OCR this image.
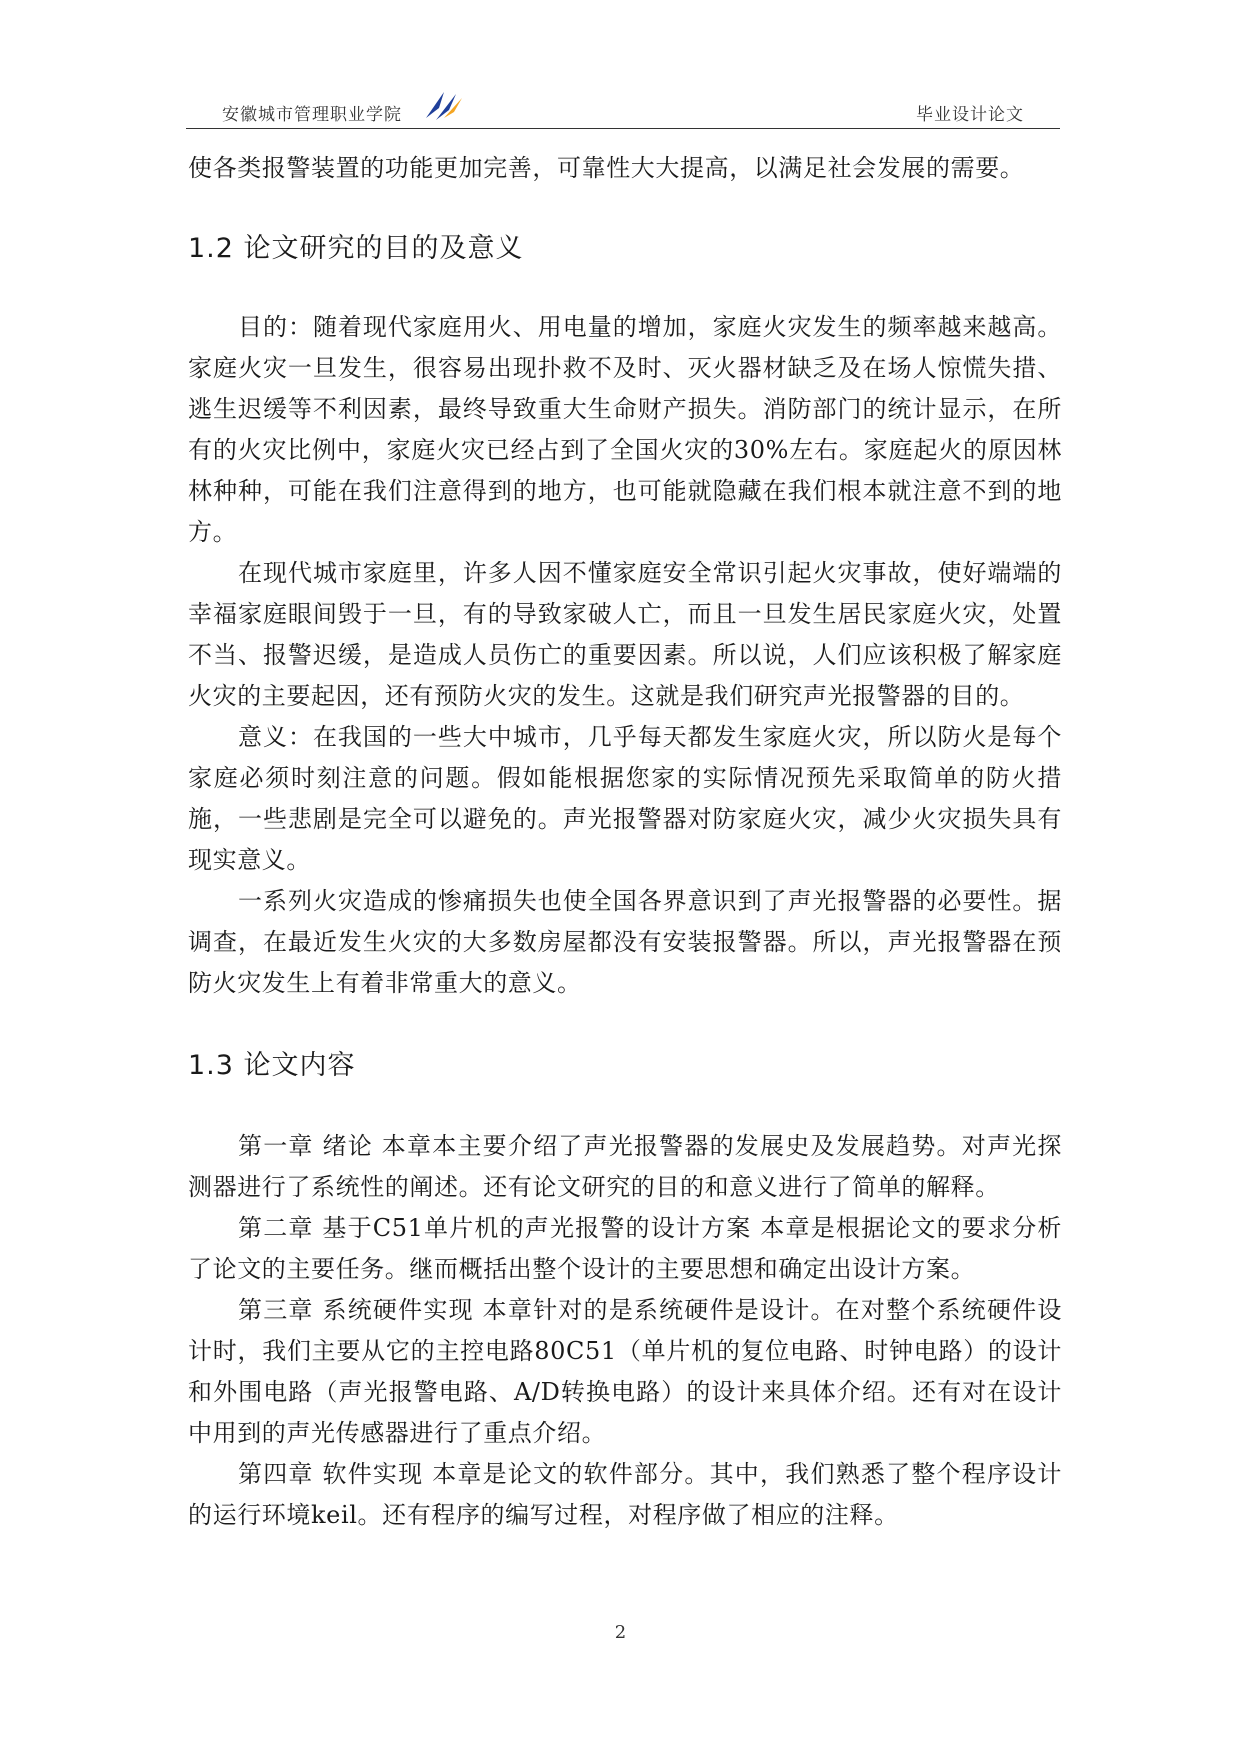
安徽城市管理职业学院	毕业设计论文

使各类报警装置的功能更加完善，可靠性大大提高，以满足社会发展的需要。

1.2 论文研究的目的及意义

目的：随着现代家庭用火、用电量的增加，家庭火灾发生的频率越来越高。家庭火灾一旦发生，很容易出现扑救不及时、灭火器材缺乏及在场人惊慌失措、逃生迟缓等不利因素，最终导致重大生命财产损失。消防部门的统计显示，在所有的火灾比例中，家庭火灾已经占到了全国火灾的30%左右。家庭起火的原因林林种种，可能在我们注意得到的地方，也可能就隐藏在我们根本就注意不到的地方。

在现代城市家庭里，许多人因不懂家庭安全常识引起火灾事故，使好端端的幸福家庭眼间毁于一旦，有的导致家破人亡，而且一旦发生居民家庭火灾，处置不当、报警迟缓，是造成人员伤亡的重要因素。所以说，人们应该积极了解家庭火灾的主要起因，还有预防火灾的发生。这就是我们研究声光报警器的目的。

意义：在我国的一些大中城市，几乎每天都发生家庭火灾，所以防火是每个家庭必须时刻注意的问题。假如能根据您家的实际情况预先采取简单的防火措施，一些悲剧是完全可以避免的。声光报警器对防家庭火灾，减少火灾损失具有现实意义。

一系列火灾造成的惨痛损失也使全国各界意识到了声光报警器的必要性。据调查，在最近发生火灾的大多数房屋都没有安装报警器。所以，声光报警器在预防火灾发生上有着非常重大的意义。

1.3 论文内容

第一章 绪论 本章本主要介绍了声光报警器的发展史及发展趋势。对声光探测器进行了系统性的阐述。还有论文研究的目的和意义进行了简单的解释。

第二章 基于C51单片机的声光报警的设计方案 本章是根据论文的要求分析了论文的主要任务。继而概括出整个设计的主要思想和确定出设计方案。

第三章 系统硬件实现 本章针对的是系统硬件是设计。在对整个系统硬件设计时，我们主要从它的主控电路80C51（单片机的复位电路、时钟电路）的设计和外围电路（声光报警电路、A/D转换电路）的设计来具体介绍。还有对在设计中用到的声光传感器进行了重点介绍。

第四章 软件实现 本章是论文的软件部分。其中，我们熟悉了整个程序设计的运行环境keil。还有程序的编写过程，对程序做了相应的注释。

2
